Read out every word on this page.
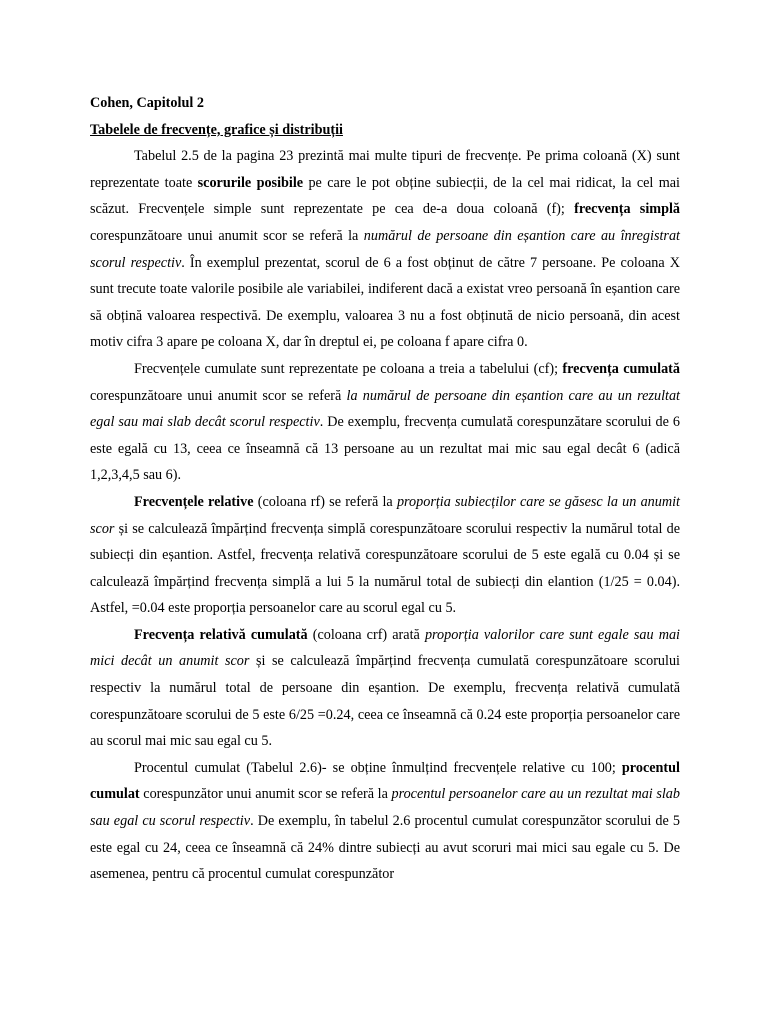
Cohen, Capitolul 2

Tabelele de frecvențe, grafice și distribuții

Tabelul 2.5 de la pagina 23 prezintă mai multe tipuri de frecvențe. Pe prima coloană (X) sunt reprezentate toate scorurile posibile pe care le pot obține subiecții, de la cel mai ridicat, la cel mai scăzut. Frecvențele simple sunt reprezentate pe cea de-a doua coloană (f); frecvența simplă corespunzătoare unui anumit scor se referă la numărul de persoane din eșantion care au înregistrat scorul respectiv. În exemplul prezentat, scorul de 6 a fost obținut de către 7 persoane. Pe coloana X sunt trecute toate valorile posibile ale variabilei, indiferent dacă a existat vreo persoană în eșantion care să obțină valoarea respectivă. De exemplu, valoarea 3 nu a fost obținută de nicio persoană, din acest motiv cifra 3 apare pe coloana X, dar în dreptul ei, pe coloana f apare cifra 0.

Frecvențele cumulate sunt reprezentate pe coloana a treia a tabelului (cf); frecvența cumulată corespunzătoare unui anumit scor se referă la numărul de persoane din eșantion care au un rezultat egal sau mai slab decât scorul respectiv. De exemplu, frecvența cumulată corespunzătare scorului de 6 este egală cu 13, ceea ce înseamnă că 13 persoane au un rezultat mai mic sau egal decât 6 (adică 1,2,3,4,5 sau 6).

Frecvențele relative (coloana rf) se referă la proporția subiecților care se găsesc la un anumit scor și se calculează împărțind frecvența simplă corespunzătoare scorului respectiv la numărul total de subiecți din eșantion. Astfel, frecvența relativă corespunzătoare scorului de 5 este egală cu 0.04 și se calculează împărțind frecvența simplă a lui 5 la numărul total de subiecți din elantion (1/25 = 0.04). Astfel, =0.04 este proporția persoanelor care au scorul egal cu 5.

Frecvența relativă cumulată (coloana crf) arată proporția valorilor care sunt egale sau mai mici decât un anumit scor și se calculează împărțind frecvența cumulată corespunzătoare scorului respectiv la numărul total de persoane din eșantion. De exemplu, frecvența relativă cumulată corespunzătoare scorului de 5 este 6/25 =0.24, ceea ce înseamnă că 0.24 este proporția persoanelor care au scorul mai mic sau egal cu 5.

Procentul cumulat (Tabelul 2.6)- se obține înmulțind frecvențele relative cu 100; procentul cumulat corespunzător unui anumit scor se referă la procentul persoanelor care au un rezultat mai slab sau egal cu scorul respectiv. De exemplu, în tabelul 2.6 procentul cumulat corespunzător scorului de 5 este egal cu 24, ceea ce înseamnă că 24% dintre subiecți au avut scoruri mai mici sau egale cu 5. De asemenea, pentru că procentul cumulat corespunzător
